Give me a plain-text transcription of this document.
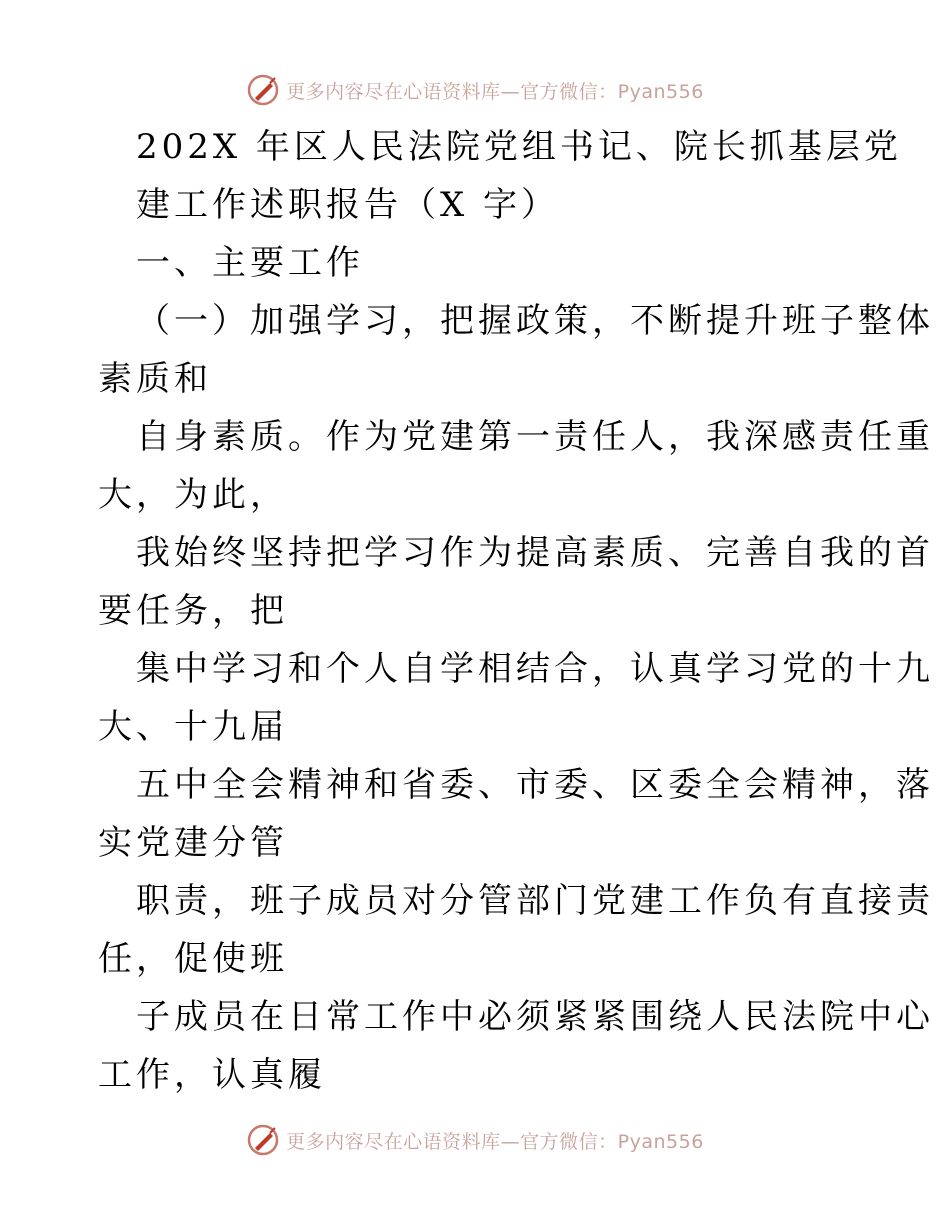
更多内容尽在心语资料库—官方微信：Pyan556
202X 年区人民法院党组书记、院长抓基层党
建工作述职报告（X 字）
一、主要工作
（一）加强学习，把握政策，不断提升班子整体
素质和
自身素质。作为党建第一责任人，我深感责任重
大，为此，
我始终坚持把学习作为提高素质、完善自我的首
要任务，把
集中学习和个人自学相结合，认真学习党的十九
大、十九届
五中全会精神和省委、市委、区委全会精神，落
实党建分管
职责，班子成员对分管部门党建工作负有直接责
任，促使班
子成员在日常工作中必须紧紧围绕人民法院中心
工作，认真履
更多内容尽在心语资料库—官方微信：Pyan556
